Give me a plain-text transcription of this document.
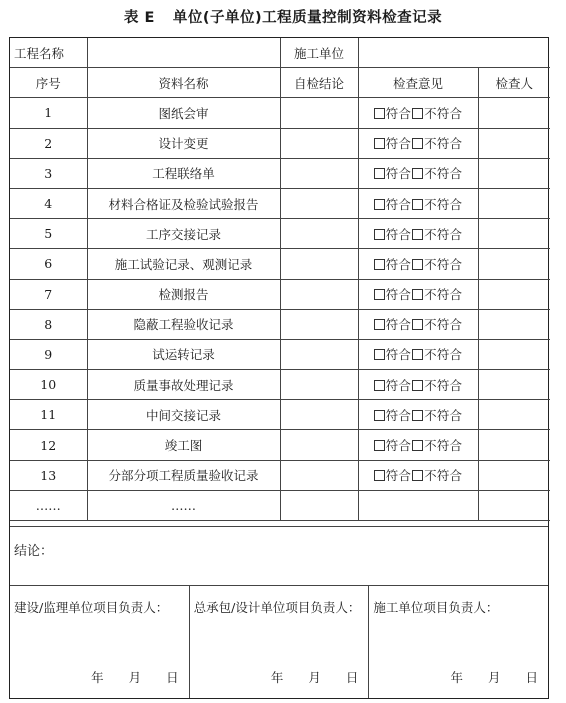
表 E 单位(子单位)工程质量控制资料检查记录
工程名称		施工单位		
序号	资料名称	自检结论	检查意见	检查人
1	图纸会审		符合 不符合	
2	设计变更		符合 不符合	
3	工程联络单		符合 不符合	
4	材料合格证及检验试验报告		符合 不符合	
5	工序交接记录		符合 不符合	
6	施工试验记录、观测记录		符合 不符合	
7	检测报告		符合 不符合	
8	隐蔽工程验收记录		符合 不符合	
9	试运转记录		符合 不符合	
10	质量事故处理记录		符合 不符合	
11	中间交接记录		符合 不符合	
12	竣工图		符合 不符合	
13	分部分项工程质量验收记录		符合 不符合	
……	……			
结论：
建设/监理单位项目负责人：
年　　月　　日
总承包/设计单位项目负责人：
年　　月　　日
施工单位项目负责人：
年　　月　　日
